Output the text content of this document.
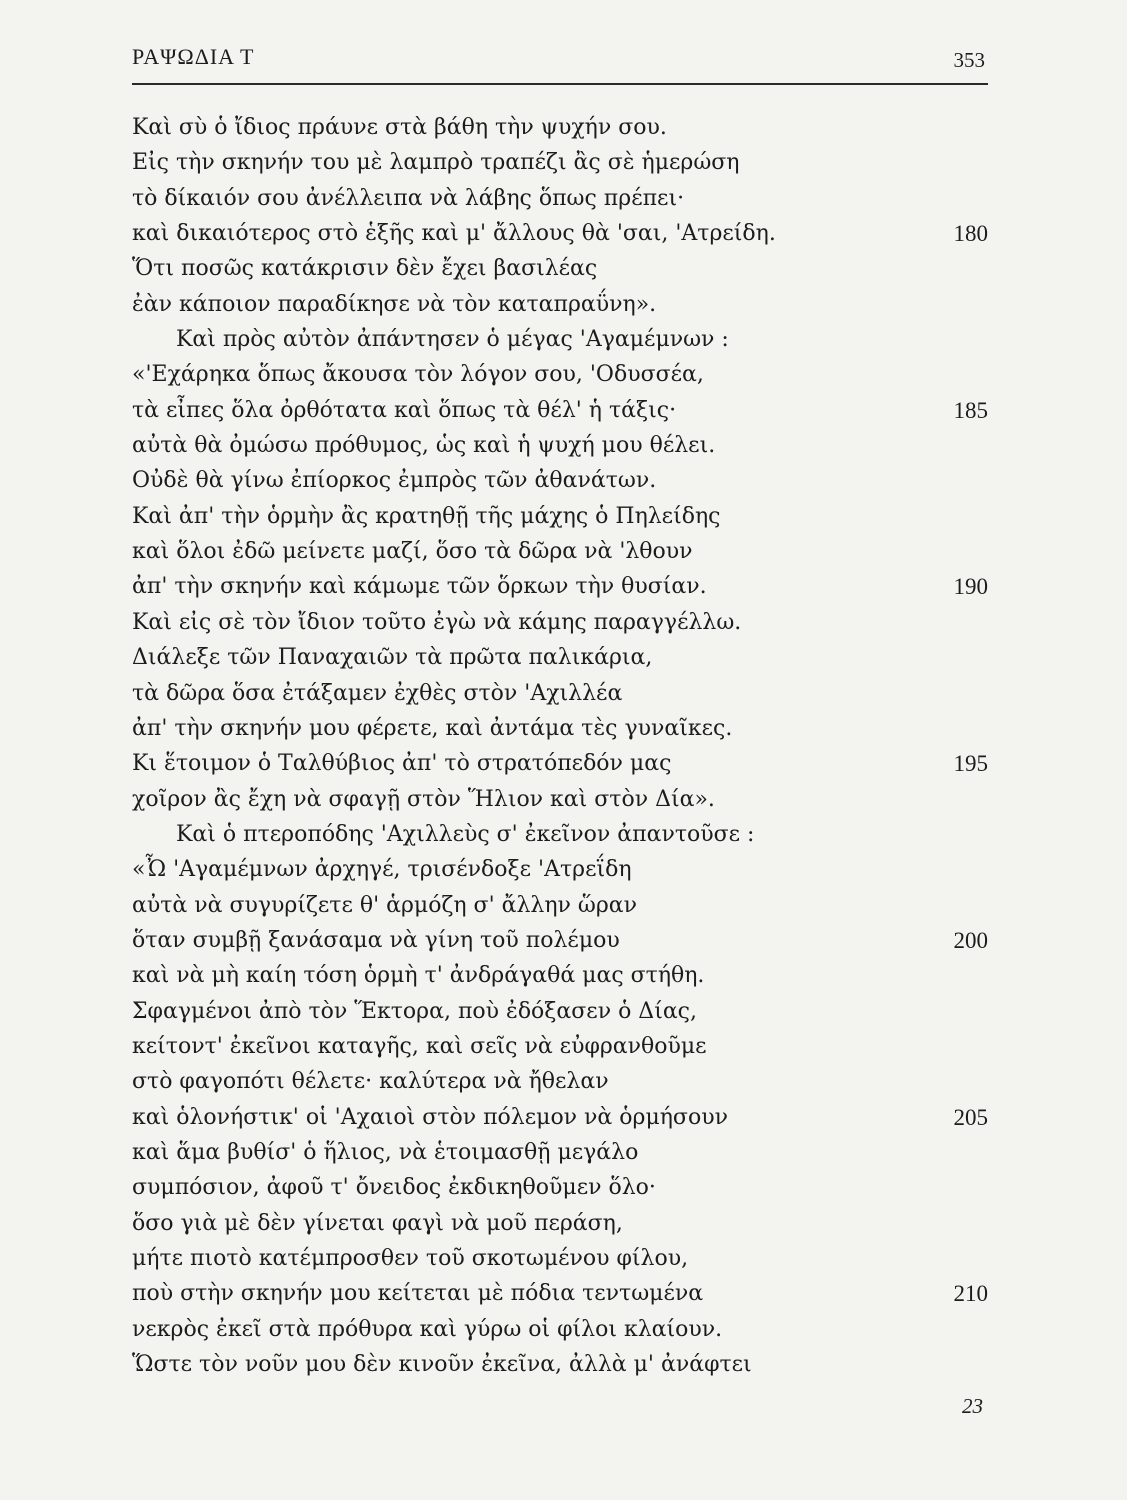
ΡΑΨΩΔΙΑ Τ	353
Καὶ σὺ ὁ ἴδιος πράυνε στὰ βάθη τὴν ψυχήν σου.
Εἰς τὴν σκηνήν του μὲ λαμπρὸ τραπέζι ἂς σὲ ἡμερώση
τὸ δίκαιόν σου ἀνέλλειπα νὰ λάβης ὅπως πρέπει·
καὶ δικαιότερος στὸ ἑξῆς καὶ μ' ἄλλους θὰ 'σαι, 'Ατρείδη.	180
Ὅτι ποσῶς κατάκρισιν δὲν ἔχει βασιλέας
ἐὰν κάποιον παραδίκησε νὰ τὸν καταπραΰνη».
Καὶ πρὸς αὐτὸν ἀπάντησεν ὁ μέγας 'Αγαμέμνων :
«'Εχάρηκα ὅπως ἄκουσα τὸν λόγον σου, 'Οδυσσέα,
τὰ εἶπες ὅλα ὀρθότατα καὶ ὅπως τὰ θέλ' ἡ τάξις·	185
αὐτὰ θὰ ὀμώσω πρόθυμος, ὡς καὶ ἡ ψυχή μου θέλει.
Οὐδὲ θὰ γίνω ἐπίορκος ἐμπρὸς τῶν ἀθανάτων.
Καὶ ἀπ' τὴν ὁρμὴν ἂς κρατηθῇ τῆς μάχης ὁ Πηλείδης
καὶ ὅλοι ἐδῶ μείνετε μαζί, ὅσο τὰ δῶρα νὰ 'λθουν
ἀπ' τὴν σκηνήν καὶ κάμωμε τῶν ὅρκων τὴν θυσίαν.	190
Καὶ εἰς σὲ τὸν ἴδιον τοῦτο ἐγὼ νὰ κάμης παραγγέλλω.
Διάλεξε τῶν Παναχαιῶν τὰ πρῶτα παλικάρια,
τὰ δῶρα ὅσα ἐτάξαμεν ἐχθὲς στὸν 'Αχιλλέα
ἀπ' τὴν σκηνήν μου φέρετε, καὶ ἀντάμα τὲς γυναῖκες.
Κι ἕτοιμον ὁ Ταλθύβιος ἀπ' τὸ στρατόπεδόν μας	195
χοῖρον ἂς ἔχη νὰ σφαγῇ στὸν Ἥλιον καὶ στὸν Δία».
Καὶ ὁ πτεροπόδης 'Αχιλλεὺς σ' ἐκεῖνον ἀπαντοῦσε :
«Ὦ 'Αγαμέμνων ἀρχηγέ, τρισένδοξε 'Ατρεΐδη
αὐτὰ νὰ συγυρίζετε θ' ἁρμόζη σ' ἄλλην ὥραν
ὅταν συμβῇ ξανάσαμα νὰ γίνη τοῦ πολέμου	200
καὶ νὰ μὴ καίη τόση ὁρμὴ τ' ἀνδράγαθά μας στήθη.
Σφαγμένοι ἀπὸ τὸν Ἕκτορα, ποὺ ἐδόξασεν ὁ Δίας,
κείτοντ' ἐκεῖνοι καταγῆς, καὶ σεῖς νὰ εὐφρανθοῦμε
στὸ φαγοπότι θέλετε· καλύτερα νὰ ἤθελαν
καὶ ὁλονήστικ' οἱ 'Αχαιοὶ στὸν πόλεμον νὰ ὁρμήσουν	205
καὶ ἅμα βυθίσ' ὁ ἥλιος, νὰ ἑτοιμασθῇ μεγάλο
συμπόσιον, ἀφοῦ τ' ὄνειδος ἐκδικηθοῦμεν ὅλο·
ὅσο γιὰ μὲ δὲν γίνεται φαγὶ νὰ μοῦ περάση,
μήτε πιοτὸ κατέμπροσθεν τοῦ σκοτωμένου φίλου,
ποὺ στὴν σκηνήν μου κείτεται μὲ πόδια τεντωμένα	210
νεκρὸς ἐκεῖ στὰ πρόθυρα καὶ γύρω οἱ φίλοι κλαίουν.
Ὥστε τὸν νοῦν μου δὲν κινοῦν ἐκεῖνα, ἀλλὰ μ' ἀνάφτει
23
